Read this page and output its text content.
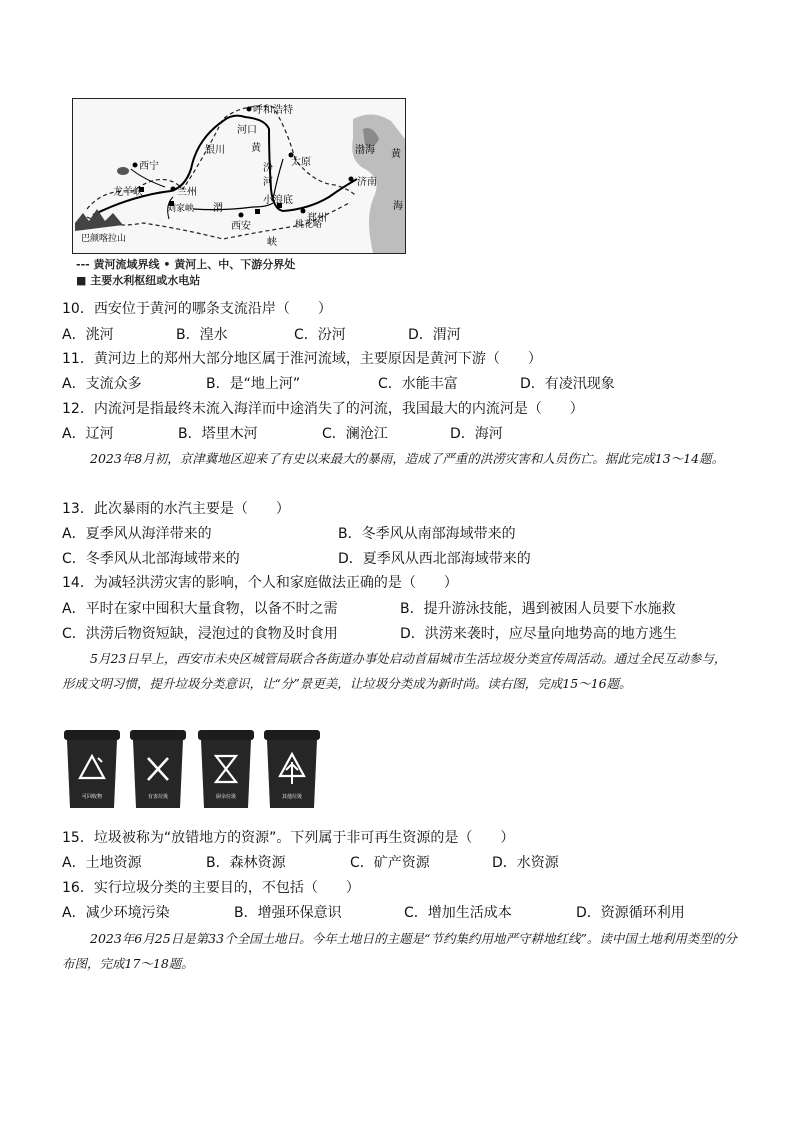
呼和浩特
河口
银川	黄
太原
汾
河
西宁
龙羊峡	兰州
刘家峡 渭
小浪底
郑州
桃花峪
西安
峡
济南
渤海 黄
海
巴颜喀拉山
--- 黄河流域界线 • 黄河上、中、下游分界处
■ 主要水利枢纽或水电站
10．西安位于黄河的哪条支流沿岸（　　）
A．洮河	B．湟水	C．汾河	D．渭河
11．黄河边上的郑州大部分地区属于淮河流域，主要原因是黄河下游（　　）
A．支流众多	B．是“地上河”	C．水能丰富	D．有凌汛现象
12．内流河是指最终未流入海洋而中途消失了的河流，我国最大的内流河是（　　）
A．辽河	B．塔里木河	C．澜沧江	D．海河
2023年8月初，京津冀地区迎来了有史以来最大的暴雨，造成了严重的洪涝灾害和人员伤亡。据此完成13～14题。
13．此次暴雨的水汽主要是（　　）
A．夏季风从海洋带来的	B．冬季风从南部海域带来的
C．冬季风从北部海域带来的	D．夏季风从西北部海域带来的
14．为减轻洪涝灾害的影响，个人和家庭做法正确的是（　　）
A．平时在家中囤积大量食物，以备不时之需	B．提升游泳技能，遇到被困人员要下水施救
C．洪涝后物资短缺，浸泡过的食物及时食用	D．洪涝来袭时，应尽量向地势高的地方逃生
5月23日早上，西安市未央区城管局联合各街道办事处启动首届城市生活垃圾分类宣传周活动。通过全民互动参与，形成文明习惯，提升垃圾分类意识，让“分”景更美，让垃圾分类成为新时尚。读右图，完成15～16题。
可回收物	有害垃圾	厨余垃圾	其他垃圾
15．垃圾被称为“放错地方的资源”。下列属于非可再生资源的是（　　）
A．土地资源	B．森林资源	C．矿产资源	D．水资源
16．实行垃圾分类的主要目的，不包括（　　）
A．减少环境污染	B．增强环保意识	C．增加生活成本	D．资源循环利用
2023年6月25日是第33个全国土地日。今年土地日的主题是“节约集约用地严守耕地红线”。读中国土地利用类型的分布图，完成17～18题。
